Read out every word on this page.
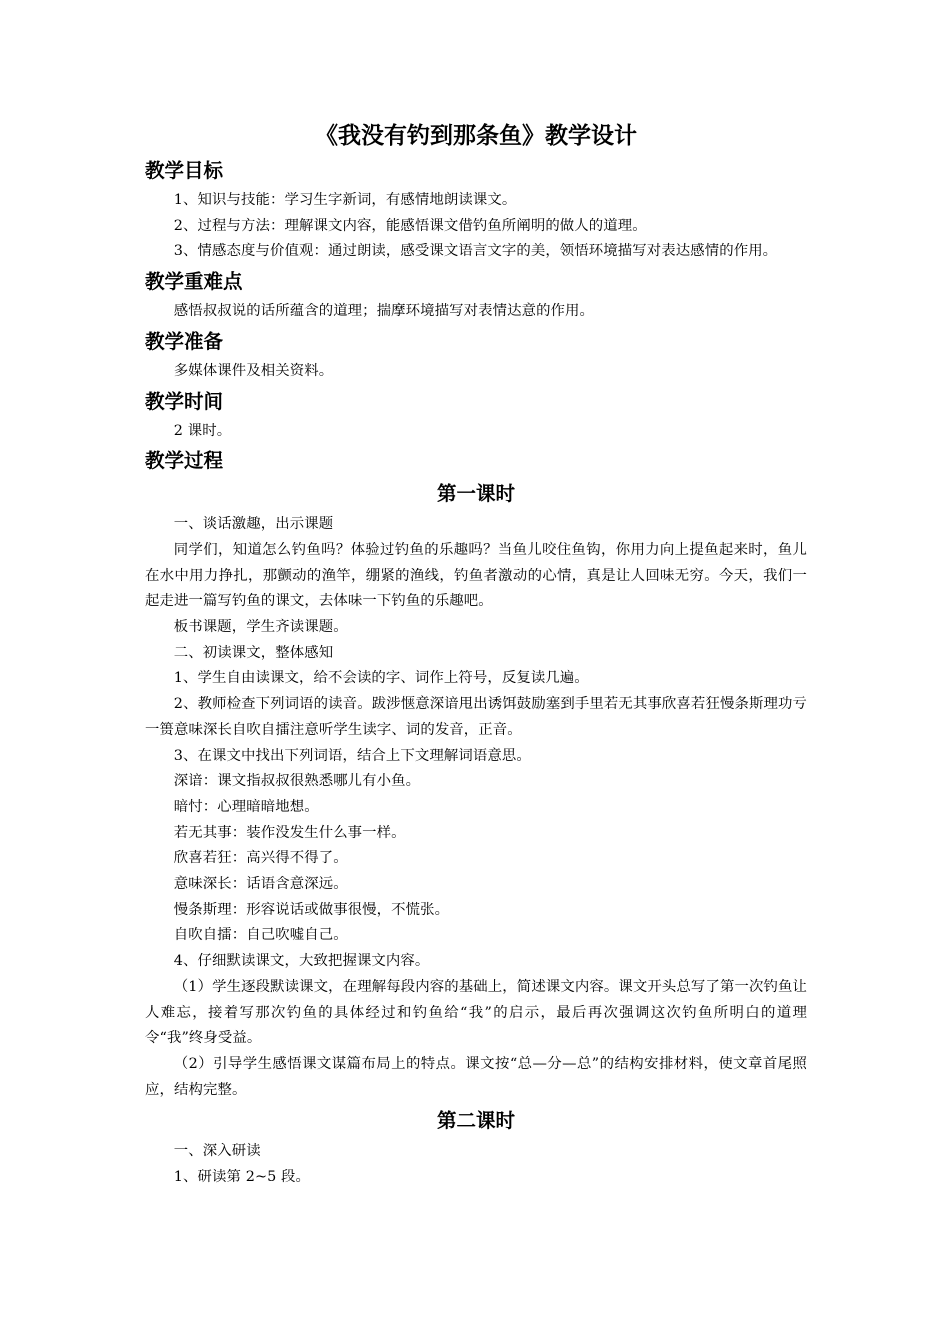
《我没有钓到那条鱼》教学设计
教学目标

1、知识与技能：学习生字新词，有感情地朗读课文。

2、过程与方法：理解课文内容，能感悟课文借钓鱼所阐明的做人的道理。

3、情感态度与价值观：通过朗读，感受课文语言文字的美，领悟环境描写对表达感情的作用。

教学重难点

感悟叔叔说的话所蕴含的道理；揣摩环境描写对表情达意的作用。

教学准备

多媒体课件及相关资料。

教学时间

2 课时。

教学过程
第一课时

一、谈话激趣，出示课题

同学们，知道怎么钓鱼吗？体验过钓鱼的乐趣吗？当鱼儿咬住鱼钩，你用力向上提鱼起来时，鱼儿在水中用力挣扎，那颤动的渔竿，绷紧的渔线，钓鱼者激动的心情，真是让人回味无穷。今天，我们一起走进一篇写钓鱼的课文，去体味一下钓鱼的乐趣吧。

板书课题，学生齐读课题。

二、初读课文，整体感知

1、学生自由读课文，给不会读的字、词作上符号，反复读几遍。

2、教师检查下列词语的读音。跋涉惬意深谙甩出诱饵鼓励塞到手里若无其事欣喜若狂慢条斯理功亏一篑意味深长自吹自擂注意听学生读字、词的发音，正音。

3、在课文中找出下列词语，结合上下文理解词语意思。

深谙：课文指叔叔很熟悉哪儿有小鱼。

暗忖：心理暗暗地想。

若无其事：装作没发生什么事一样。

欣喜若狂：高兴得不得了。

意味深长：话语含意深远。

慢条斯理：形容说话或做事很慢，不慌张。

自吹自擂：自己吹嘘自己。

4、仔细默读课文，大致把握课文内容。

（1）学生逐段默读课文，在理解每段内容的基础上，简述课文内容。课文开头总写了第一次钓鱼让人难忘，接着写那次钓鱼的具体经过和钓鱼给“我”的启示，最后再次强调这次钓鱼所明白的道理令“我”终身受益。

（2）引导学生感悟课文谋篇布局上的特点。课文按“总—分—总”的结构安排材料，使文章首尾照应，结构完整。

第二课时

一、深入研读

1、研读第 2~5 段。
